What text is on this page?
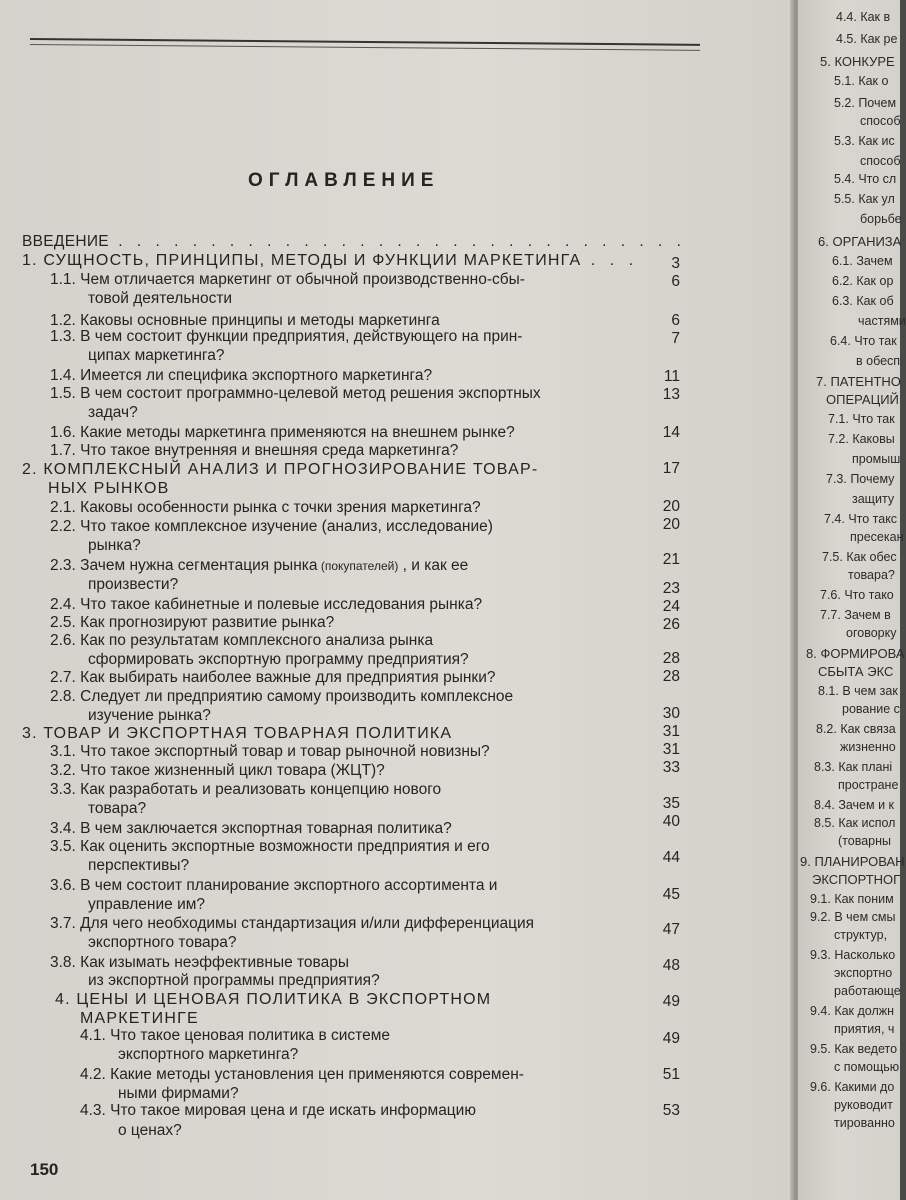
ОГЛАВЛЕНИЕ
ВВЕДЕНИЕ . . . . . . . . . . . . . . . . . . . . . . . . . . . . . . .
1. СУЩНОСТЬ, ПРИНЦИПЫ, МЕТОДЫ И ФУНКЦИИ МАРКЕТИНГА . . .	3
1.1. Чем отличается маркетинг от обычной производственно-сбы-	6
товой деятельности
1.2. Каковы основные принципы и методы маркетинга	6
1.3. В чем состоит функции предприятия, действующего на прин-	7
ципах маркетинга?
1.4. Имеется ли специфика экспортного маркетинга?	11
1.5. В чем состоит программно-целевой метод решения экспортных	13
задач?
1.6. Какие методы маркетинга применяются на внешнем рынке?	14
1.7. Что такое внутренняя и внешняя среда маркетинга?
2. КОМПЛЕКСНЫЙ АНАЛИЗ И ПРОГНОЗИРОВАНИЕ ТОВАР-	17
НЫХ РЫНКОВ
2.1. Каковы особенности рынка с точки зрения маркетинга?	20
2.2. Что такое комплексное изучение (анализ, исследование)	20
рынка?
2.3. Зачем нужна сегментация рынка (покупателей) , и как ее	21
произвести?	23
2.4. Что такое кабинетные и полевые исследования рынка?	24
2.5. Как прогнозируют развитие рынка?	26
2.6. Как по результатам комплексного анализа рынка
сформировать экспортную программу предприятия?	28
2.7. Как выбирать наиболее важные для предприятия рынки?	28
2.8. Следует ли предприятию самому производить комплексное
изучение рынка?	30
3. ТОВАР И ЭКСПОРТНАЯ ТОВАРНАЯ ПОЛИТИКА	31
3.1. Что такое экспортный товар и товар рыночной новизны?	31
3.2. Что такое жизненный цикл товара (ЖЦТ)?	33
3.3. Как разработать и реализовать концепцию нового
товара?	35
3.4. В чем заключается экспортная товарная политика?	40
3.5. Как оценить экспортные возможности предприятия и его
перспективы?	44
3.6. В чем состоит планирование экспортного ассортимента и
управление им?
45
3.7. Для чего необходимы стандартизация и/или дифференциация
экспортного товара?
47
3.8. Как изымать неэффективные товары
из экспортной программы предприятия?
48
4. ЦЕНЫ И ЦЕНОВАЯ ПОЛИТИКА В ЭКСПОРТНОМ	49
МАРКЕТИНГЕ
4.1. Что такое ценовая политика в системе	49
экспортного маркетинга?
4.2. Какие методы установления цен применяются современ-	51
ными фирмами?
4.3. Что такое мировая цена и где искать информацию	53
о ценах?
150
4.4. Как в
4.5. Как ре
5. КОНКУРЕ
5.1. Как о
5.2. Почем
способ
5.3. Как ис
способ
5.4. Что сл
5.5. Как ул
борьбе
6. ОРГАНИЗА
6.1. Зачем
6.2. Как ор
6.3. Как об
частями
6.4. Что так
в обесп
7. ПАТЕНТНО
ОПЕРАЦИЙ
7.1. Что так
7.2. Каковы
промыш
7.3. Почему
защиту
7.4. Что такс
пресекан
7.5. Как обес
товара?
7.6. Что тако
7.7. Зачем в
оговорку
8. ФОРМИРОВА
СБЫТА ЭКС
8.1. В чем зак
рование с
8.2. Как связа
жизненно
8.3. Как плані
простране
8.4. Зачем и к
8.5. Как испол
(товарны
9. ПЛАНИРОВАН
ЭКСПОРТНОГ
9.1. Как поним
9.2. В чем смы
структур,
9.3. Насколько
экспортно
работающе
9.4. Как должн
приятия, ч
9.5. Как ведето
с помощью
9.6. Какими до
руководит
тированно
